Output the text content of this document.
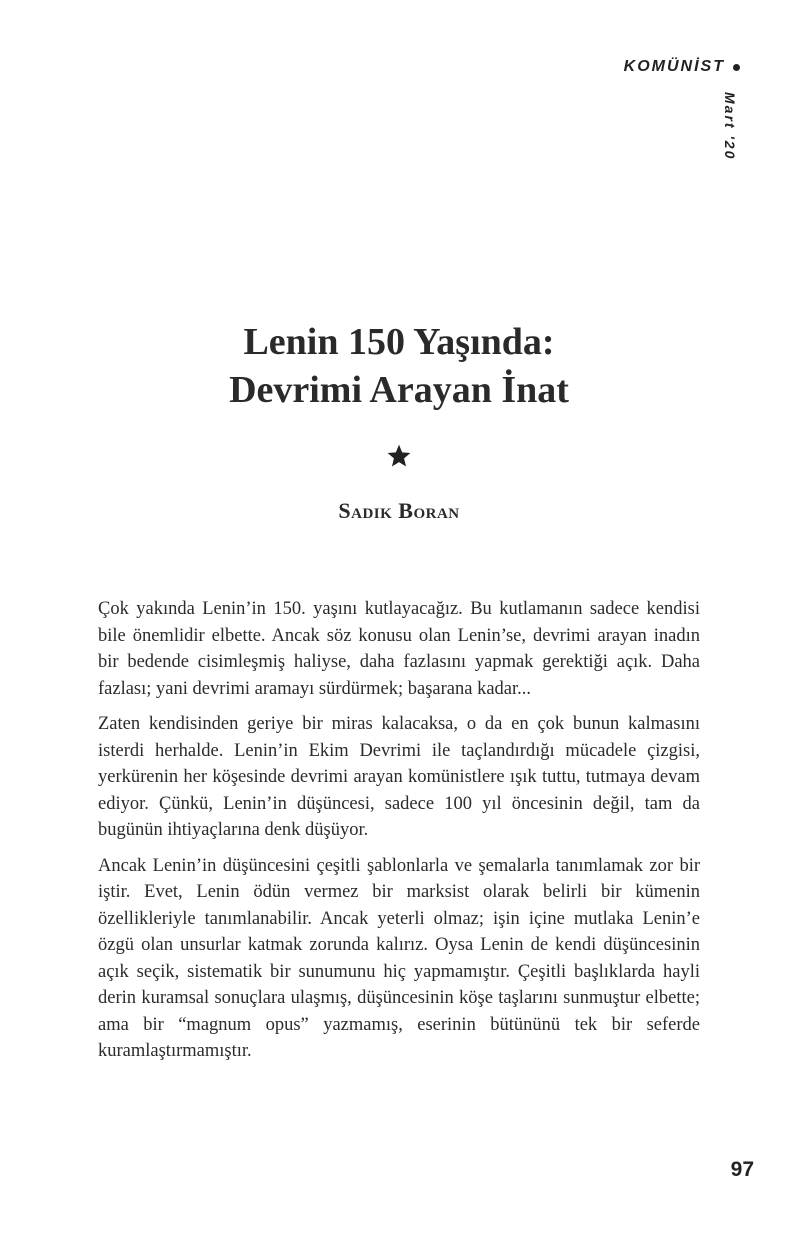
KOMÜNİST
Mart '20
Lenin 150 Yaşında:
Devrimi Arayan İnat
Sadık Boran

Çok yakında Lenin’in 150. yaşını kutlayacağız. Bu kutlamanın sadece kendisi bile önemlidir elbette. Ancak söz konusu olan Lenin’se, devrimi arayan inadın bir bedende cisimleşmiş haliyse, daha fazlasını yapmak gerektiği açık. Daha fazlası; yani devrimi aramayı sürdürmek; başarana kadar...

Zaten kendisinden geriye bir miras kalacaksa, o da en çok bunun kalmasını isterdi herhalde. Lenin’in Ekim Devrimi ile taçlandırdığı mücadele çizgisi, yerkürenin her köşesinde devrimi arayan komünistlere ışık tuttu, tutmaya devam ediyor. Çünkü, Lenin’in düşüncesi, sadece 100 yıl öncesinin değil, tam da bugünün ihtiyaçlarına denk düşüyor.

Ancak Lenin’in düşüncesini çeşitli şablonlarla ve şemalarla tanımlamak zor bir iştir. Evet, Lenin ödün vermez bir marksist olarak belirli bir kümenin özellikleriyle tanımlanabilir. Ancak yeterli olmaz; işin içine mutlaka Lenin’e özgü olan unsurlar katmak zorunda kalırız. Oysa Lenin de kendi düşüncesinin açık seçik, sistematik bir sunumunu hiç yapmamıştır. Çeşitli başlıklarda hayli derin kuramsal sonuçlara ulaşmış, düşüncesinin köşe taşlarını sunmuştur elbette; ama bir “magnum opus” yazmamış, eserinin bütününü tek bir seferde kuramlaştırmamıştır.

97
